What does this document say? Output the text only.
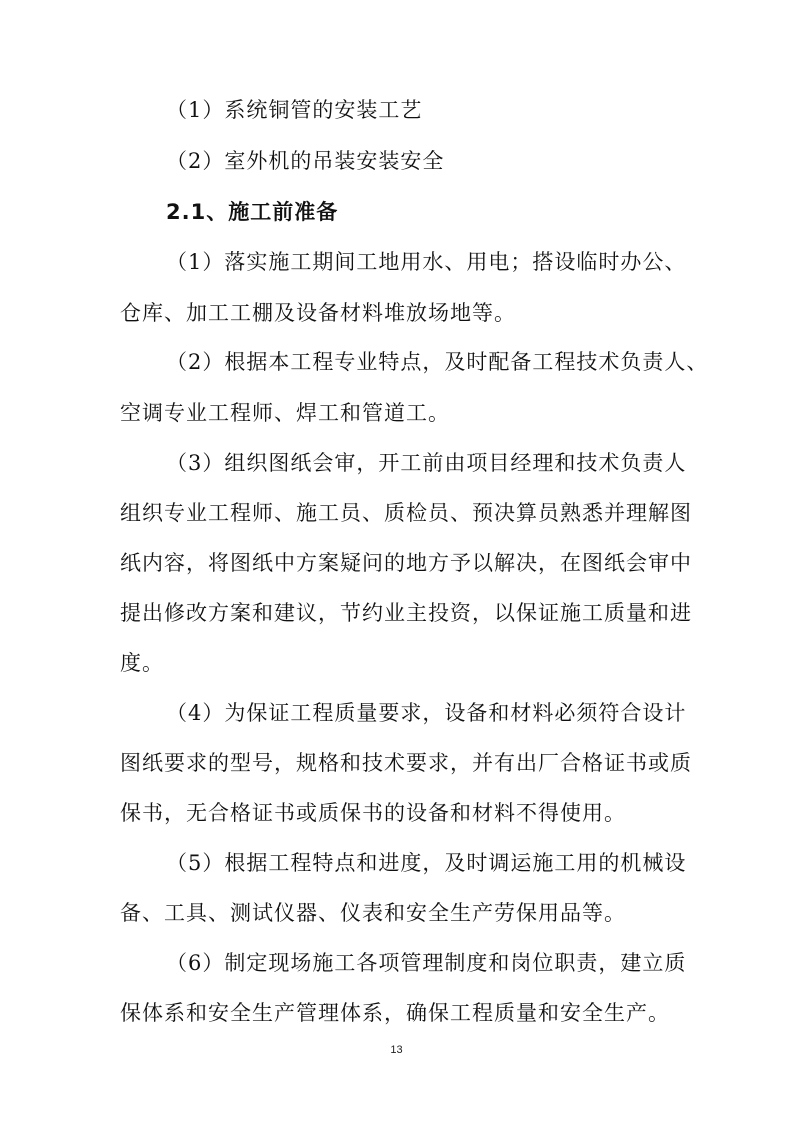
（1）系统铜管的安装工艺
（2）室外机的吊装安装安全
2.1、施工前准备
（1）落实施工期间工地用水、用电；搭设临时办公、
仓库、加工工棚及设备材料堆放场地等。
（2）根据本工程专业特点，及时配备工程技术负责人、
空调专业工程师、焊工和管道工。
（3）组织图纸会审，开工前由项目经理和技术负责人
组织专业工程师、施工员、质检员、预决算员熟悉并理解图
纸内容，将图纸中方案疑问的地方予以解决，在图纸会审中
提出修改方案和建议，节约业主投资，以保证施工质量和进
度。
（4）为保证工程质量要求，设备和材料必须符合设计
图纸要求的型号，规格和技术要求，并有出厂合格证书或质
保书，无合格证书或质保书的设备和材料不得使用。
（5）根据工程特点和进度，及时调运施工用的机械设
备、工具、测试仪器、仪表和安全生产劳保用品等。
（6）制定现场施工各项管理制度和岗位职责，建立质
保体系和安全生产管理体系，确保工程质量和安全生产。
13
